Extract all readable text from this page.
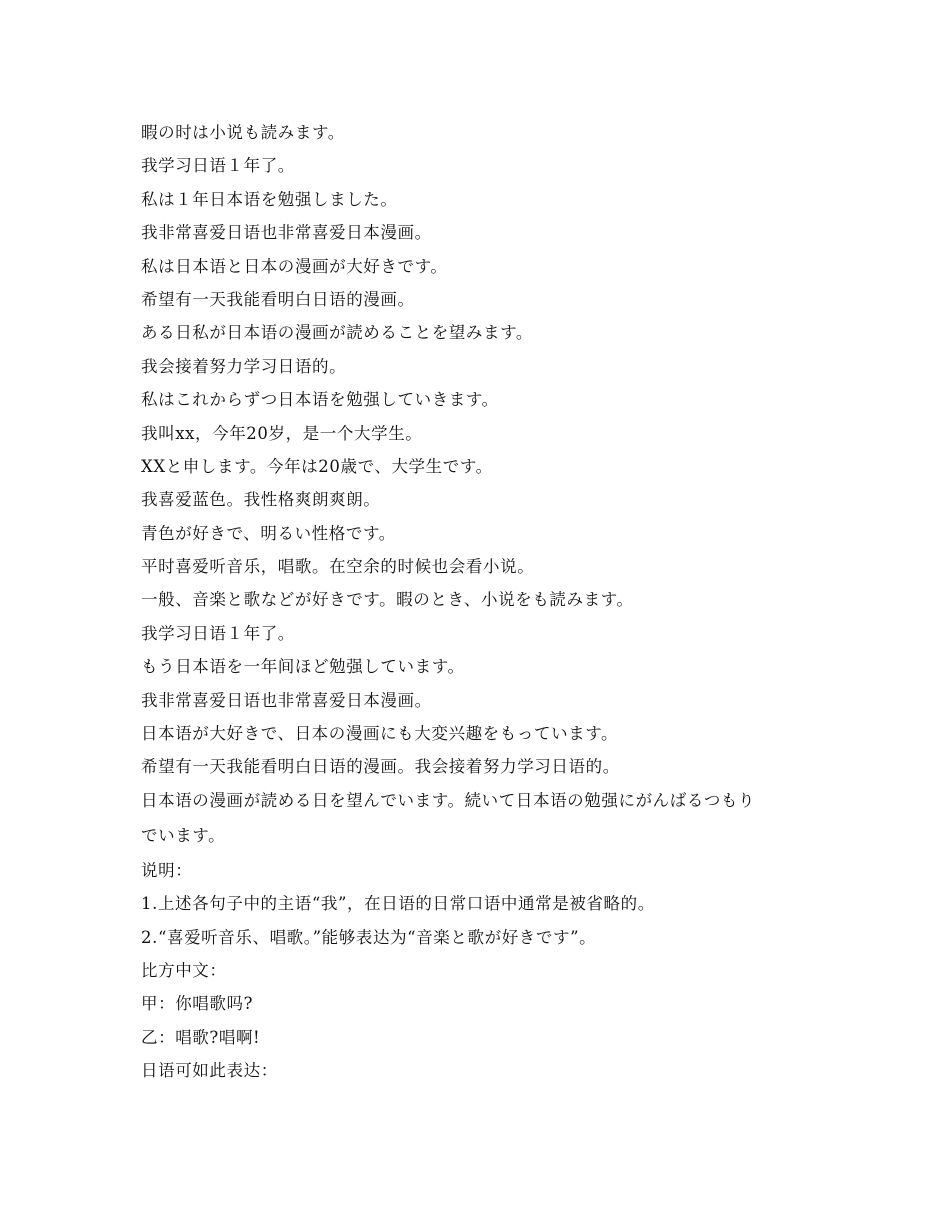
暇の时は小说も読みます。

我学习日语１年了。

私は１年日本语を勉强しました。

我非常喜爱日语也非常喜爱日本漫画。

私は日本语と日本の漫画が大好きです。

希望有一天我能看明白日语的漫画。

ある日私が日本语の漫画が読めることを望みます。

我会接着努力学习日语的。

私はこれからずつ日本语を勉强していきます。

我叫xx，今年20岁，是一个大学生。

XXと申します。今年は20歳で、大学生です。

我喜爱蓝色。我性格爽朗爽朗。

青色が好きで、明るい性格です。

平时喜爱听音乐，唱歌。在空余的时候也会看小说。

一般、音楽と歌などが好きです。暇のとき、小说をも読みます。

我学习日语１年了。

もう日本语を一年间ほど勉强しています。

我非常喜爱日语也非常喜爱日本漫画。

日本语が大好きで、日本の漫画にも大変兴趣をもっています。

希望有一天我能看明白日语的漫画。我会接着努力学习日语的。

日本语の漫画が読める日を望んでいます。続いて日本语の勉强にがんばるつもり

でいます。

说明：

1.上述各句子中的主语“我”，在日语的日常口语中通常是被省略的。

2.“喜爱听音乐、唱歌。”能够表达为“音楽と歌が好きです”。

比方中文：

甲：你唱歌吗?

乙：唱歌?唱啊!

日语可如此表达：
